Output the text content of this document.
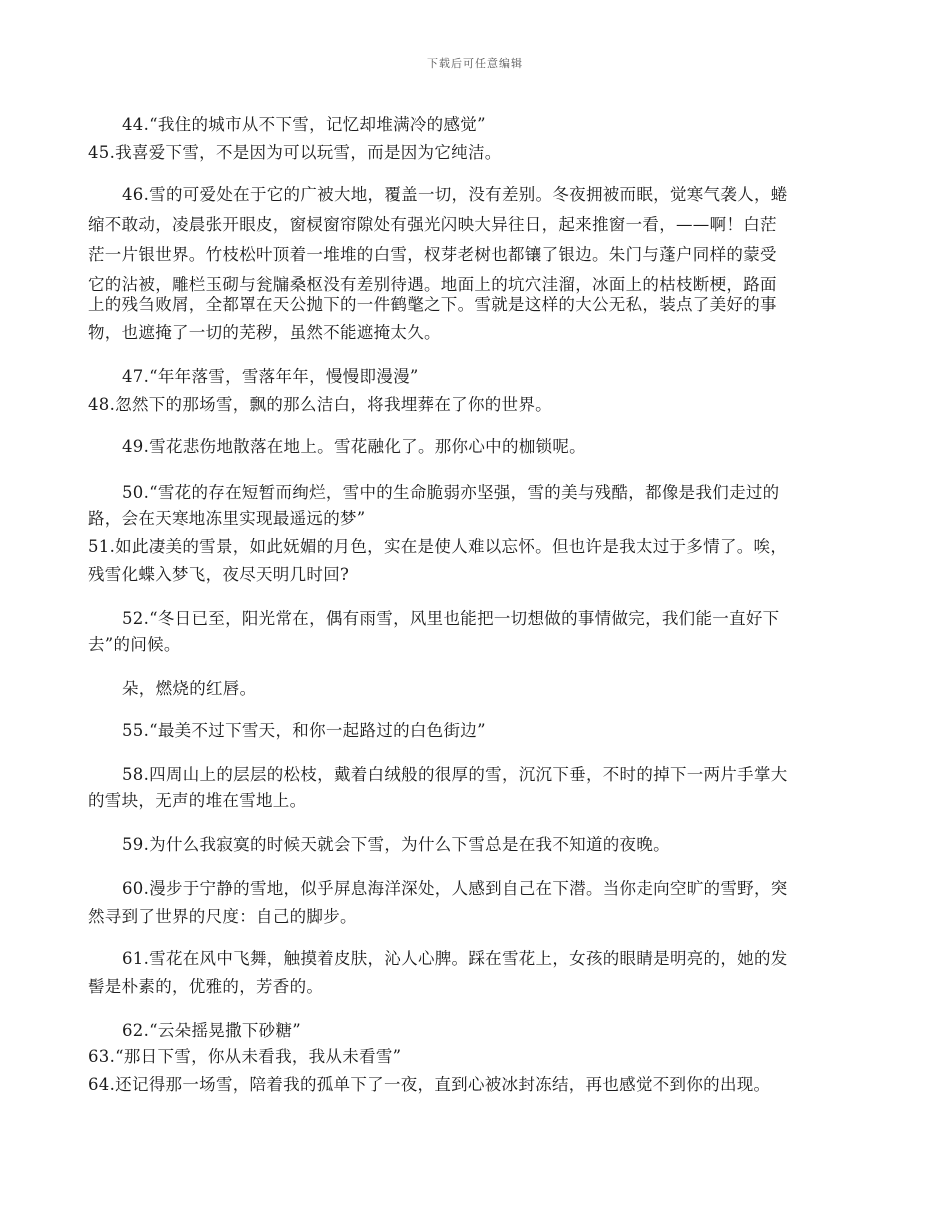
下载后可任意编辑
44.“我住的城市从不下雪，记忆却堆满冷的感觉”
45.我喜爱下雪，不是因为可以玩雪，而是因为它纯洁。
46.雪的可爱处在于它的广被大地，覆盖一切，没有差别。冬夜拥被而眠，觉寒气袭人，蜷
缩不敢动，凌晨张开眼皮，窗棂窗帘隙处有强光闪映大异往日，起来推窗一看，——啊！白茫
茫一片银世界。竹枝松叶顶着一堆堆的白雪，杈芽老树也都镶了银边。朱门与蓬户同样的蒙受
它的沾被，雕栏玉砌与瓮牖桑枢没有差别待遇。地面上的坑穴洼溜，冰面上的枯枝断梗，路面
上的残刍败屑，全都罩在天公抛下的一件鹤氅之下。雪就是这样的大公无私，装点了美好的事
物，也遮掩了一切的芜秽，虽然不能遮掩太久。
47.“年年落雪，雪落年年，慢慢即漫漫”
48.忽然下的那场雪，飘的那么洁白，将我埋葬在了你的世界。
49.雪花悲伤地散落在地上。雪花融化了。那你心中的枷锁呢。
50.“雪花的存在短暂而绚烂，雪中的生命脆弱亦坚强，雪的美与残酷，都像是我们走过的
路，会在天寒地冻里实现最遥远的梦”
51.如此凄美的雪景，如此妩媚的月色，实在是使人难以忘怀。但也许是我太过于多情了。唉，
残雪化蝶入梦飞，夜尽天明几时回?
52.“冬日已至，阳光常在，偶有雨雪，风里也能把一切想做的事情做完，我们能一直好下
去”的问候。
朵，燃烧的红唇。
55.“最美不过下雪天，和你一起路过的白色街边”
58.四周山上的层层的松枝，戴着白绒般的很厚的雪，沉沉下垂，不时的掉下一两片手掌大
的雪块，无声的堆在雪地上。
59.为什么我寂寞的时候天就会下雪，为什么下雪总是在我不知道的夜晚。
60.漫步于宁静的雪地，似乎屏息海洋深处，人感到自己在下潜。当你走向空旷的雪野，突
然寻到了世界的尺度：自己的脚步。
61.雪花在风中飞舞，触摸着皮肤，沁人心脾。踩在雪花上，女孩的眼睛是明亮的，她的发
髻是朴素的，优雅的，芳香的。
62.“云朵摇晃撒下砂糖”
63.“那日下雪，你从未看我，我从未看雪”
64.还记得那一场雪，陪着我的孤单下了一夜，直到心被冰封冻结，再也感觉不到你的出现。
